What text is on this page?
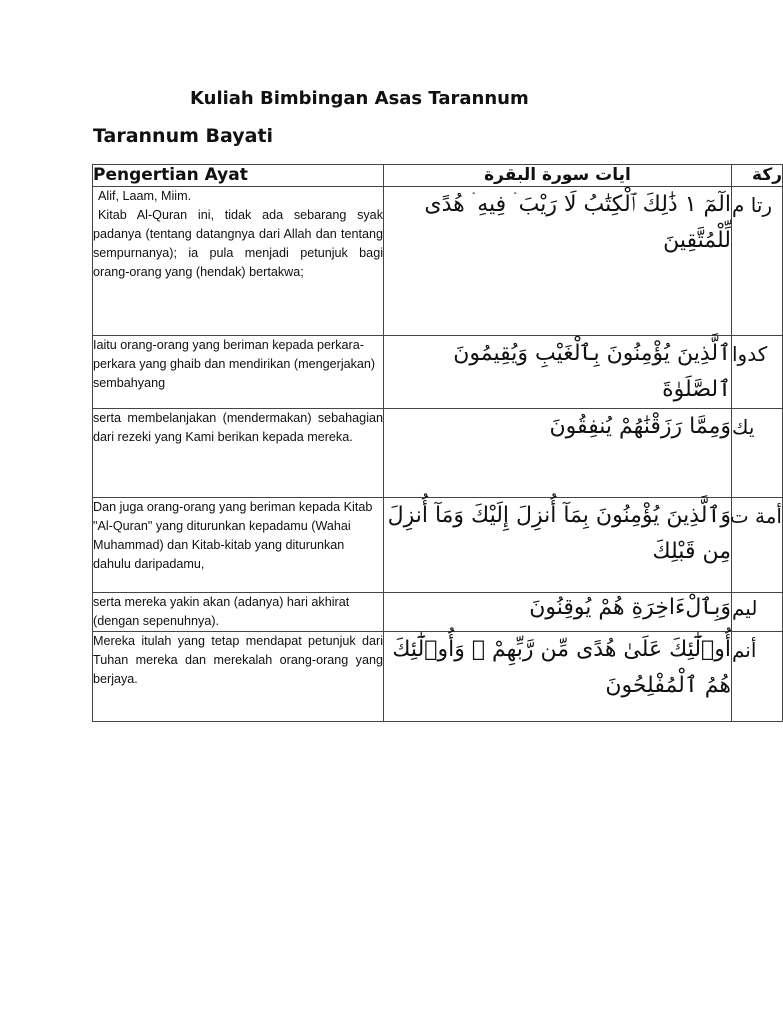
Kuliah Bimbingan Asas Tarannum
Tarannum Bayati
Pengertian Ayat	ايات سورة البقرة	ركة

Alif, Laam, Miim.
Kitab Al-Quran ini, tidak ada sebarang syak padanya (tentang datangnya dari Allah dan tentang sempurnanya); ia pula menjadi petunjuk bagi orang-orang yang (hendak) bertakwa;	الٓمٓ ١ ذَٰلِكَ ٱلْكِتَٰبُ لَا رَيْبَ ۛ فِيهِ ۛ هُدًى لِّلْمُتَّقِينَ	رتا م
Iaitu orang-orang yang beriman kepada perkara-perkara yang ghaib dan mendirikan (mengerjakan) sembahyang	ٱلَّذِينَ يُؤْمِنُونَ بِٱلْغَيْبِ وَيُقِيمُونَ ٱلصَّلَوٰةَ	كدوا
serta membelanjakan (mendermakan) sebahagian dari rezeki yang Kami berikan kepada mereka.	وَمِمَّا رَزَقْنَٰهُمْ يُنفِقُونَ	يك
Dan juga orang-orang yang beriman kepada Kitab "Al-Quran" yang diturunkan kepadamu (Wahai Muhammad) dan Kitab-kitab yang diturunkan dahulu daripadamu,	وَٱلَّذِينَ يُؤْمِنُونَ بِمَآ أُنزِلَ إِلَيْكَ وَمَآ أُنزِلَ مِن قَبْلِكَ	أمة ت
serta mereka yakin akan (adanya) hari akhirat (dengan sepenuhnya).	وَبِٱلْءَاخِرَةِ هُمْ يُوقِنُونَ	ليم
Mereka itulah yang tetap mendapat petunjuk dari Tuhan mereka dan merekalah orang-orang yang berjaya.	أُو۟لَٰٓئِكَ عَلَىٰ هُدًى مِّن رَّبِّهِمْ ۖ وَأُو۟لَٰٓئِكَ هُمُ ٱلْمُفْلِحُونَ	أنم
